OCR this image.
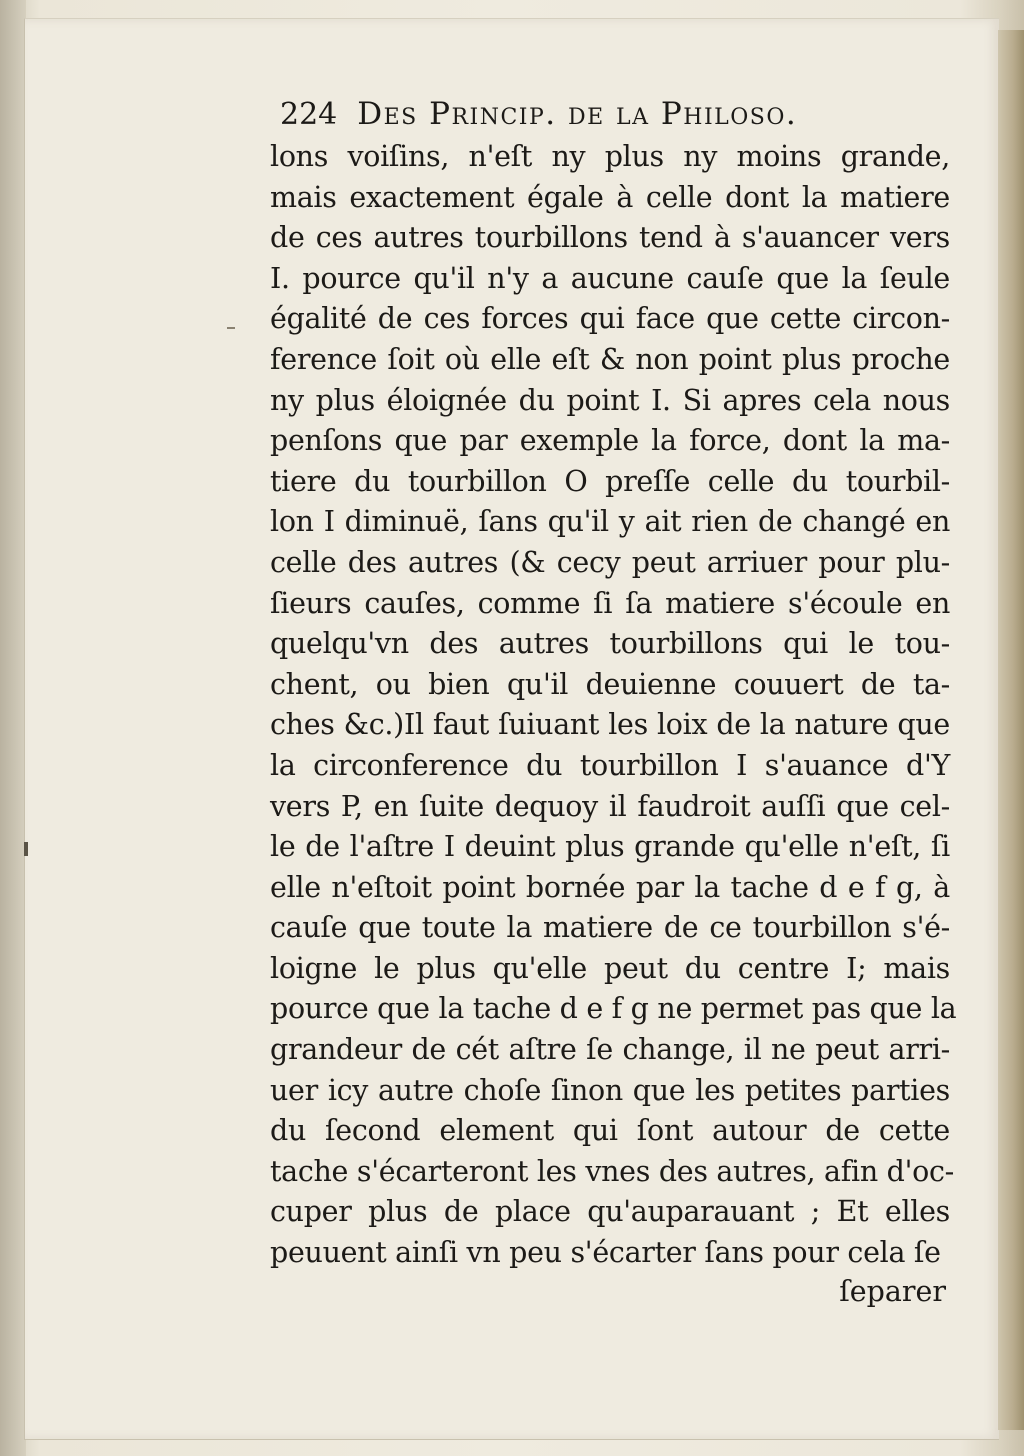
224 Des Princip. de la Philoso.
lons voiſins, n'eſt ny plus ny moins grande,
mais exactement égale à celle dont la matiere
de ces autres tourbillons tend à s'auancer vers
I. pource qu'il n'y a aucune cauſe que la ſeule
égalité de ces forces qui face que cette circon-
ference ſoit où elle eſt & non point plus proche
ny plus éloignée du point I. Si apres cela nous
penſons que par exemple la force, dont la ma-
tiere du tourbillon O preſſe celle du tourbil-
lon I diminuë, ſans qu'il y ait rien de changé en
celle des autres (& cecy peut arriuer pour plu-
ſieurs cauſes, comme ſi ſa matiere s'écoule en
quelqu'vn des autres tourbillons qui le tou-
chent, ou bien qu'il deuienne couuert de ta-
ches &c.)Il faut ſuiuant les loix de la nature que
la circonference du tourbillon I s'auance d'Y
vers P, en ſuite dequoy il faudroit auſſi que cel-
le de l'aſtre I deuint plus grande qu'elle n'eſt, ſi
elle n'eſtoit point bornée par la tache d e f g, à
cauſe que toute la matiere de ce tourbillon s'é-
loigne le plus qu'elle peut du centre I; mais
pource que la tache d e f g ne permet pas que la
grandeur de cét aſtre ſe change, il ne peut arri-
uer icy autre choſe ſinon que les petites parties
du ſecond element qui ſont autour de cette
tache s'écarteront les vnes des autres, afin d'oc-
cuper plus de place qu'auparauant ; Et elles
peuuent ainſi vn peu s'écarter ſans pour cela ſe
ſeparer
